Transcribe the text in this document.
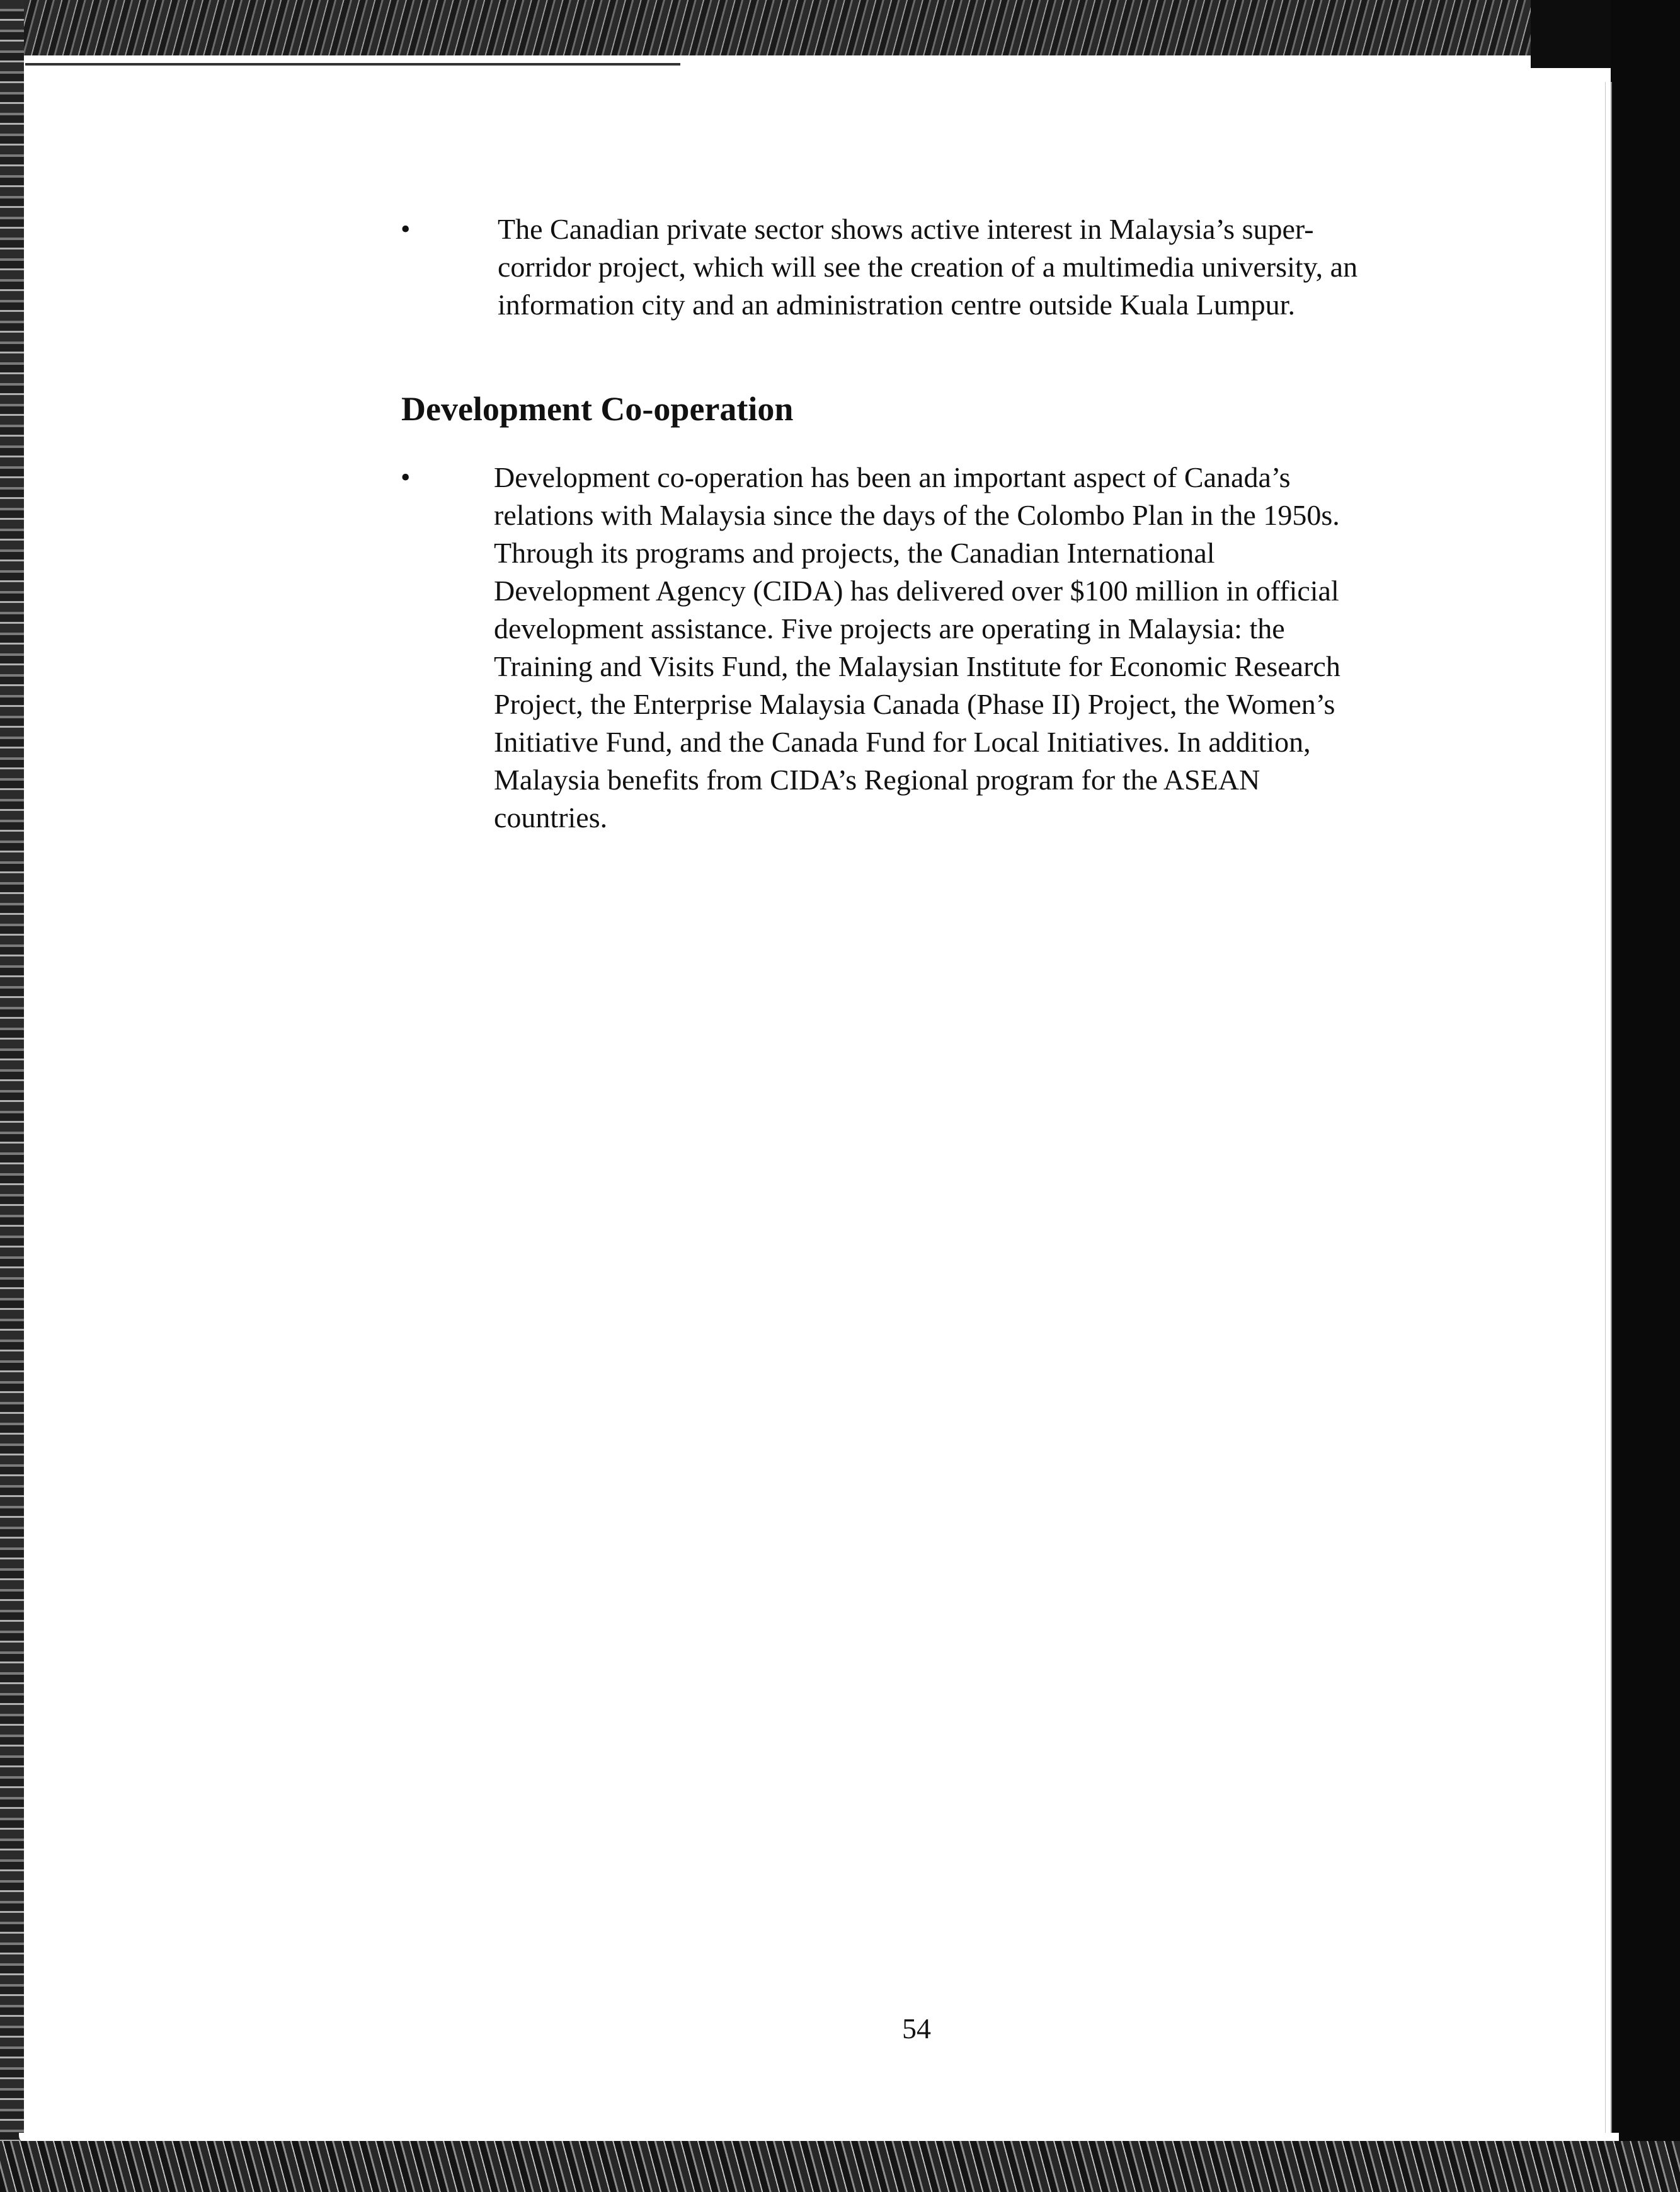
The Canadian private sector shows active interest in Malaysia’s super-
corridor project, which will see the creation of a multimedia university, an
information city and an administration centre outside Kuala Lumpur.

•
Development Co-operation
•	Development co-operation has been an important aspect of Canada’s
relations with Malaysia since the days of the Colombo Plan in the 1950s.
Through its programs and projects, the Canadian International
Development Agency (CIDA) has delivered over $100 million in official
development assistance. Five projects are operating in Malaysia: the
Training and Visits Fund, the Malaysian Institute for Economic Research
Project, the Enterprise Malaysia Canada (Phase II) Project, the Women’s
Initiative Fund, and the Canada Fund for Local Initiatives. In addition,
Malaysia benefits from CIDA’s Regional program for the ASEAN
countries.

54
